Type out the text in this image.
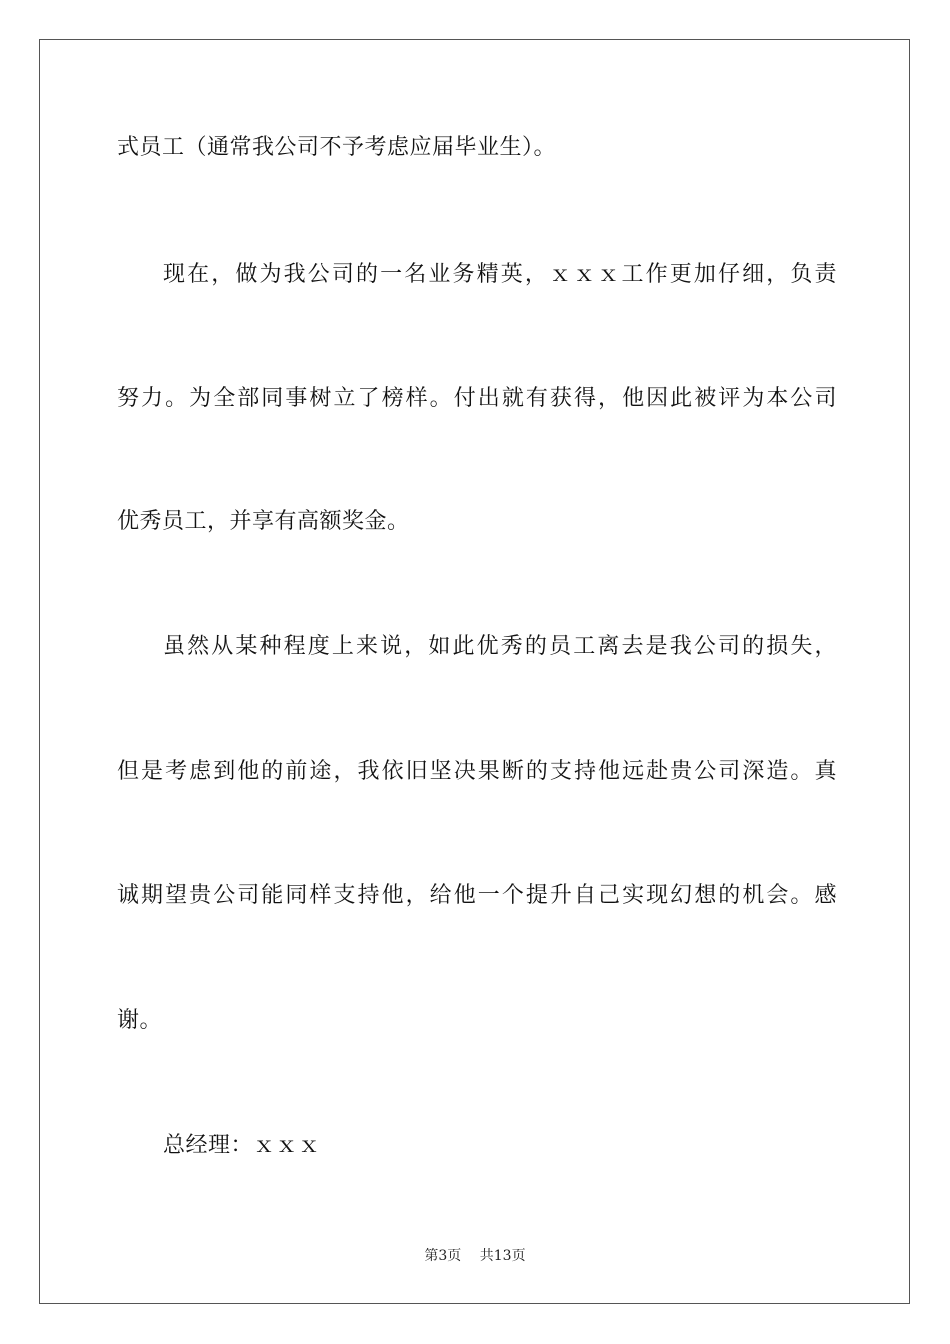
式员工（通常我公司不予考虑应届毕业生）。
现在，做为我公司的一名业务精英，ｘｘｘ工作更加仔细，负责
努力。为全部同事树立了榜样。付出就有获得，他因此被评为本公司
优秀员工，并享有高额奖金。
虽然从某种程度上来说，如此优秀的员工离去是我公司的损失，
但是考虑到他的前途，我依旧坚决果断的支持他远赴贵公司深造。真
诚期望贵公司能同样支持他，给他一个提升自己实现幻想的机会。感
谢。
总经理：ｘｘｘ
第3页 共13页
